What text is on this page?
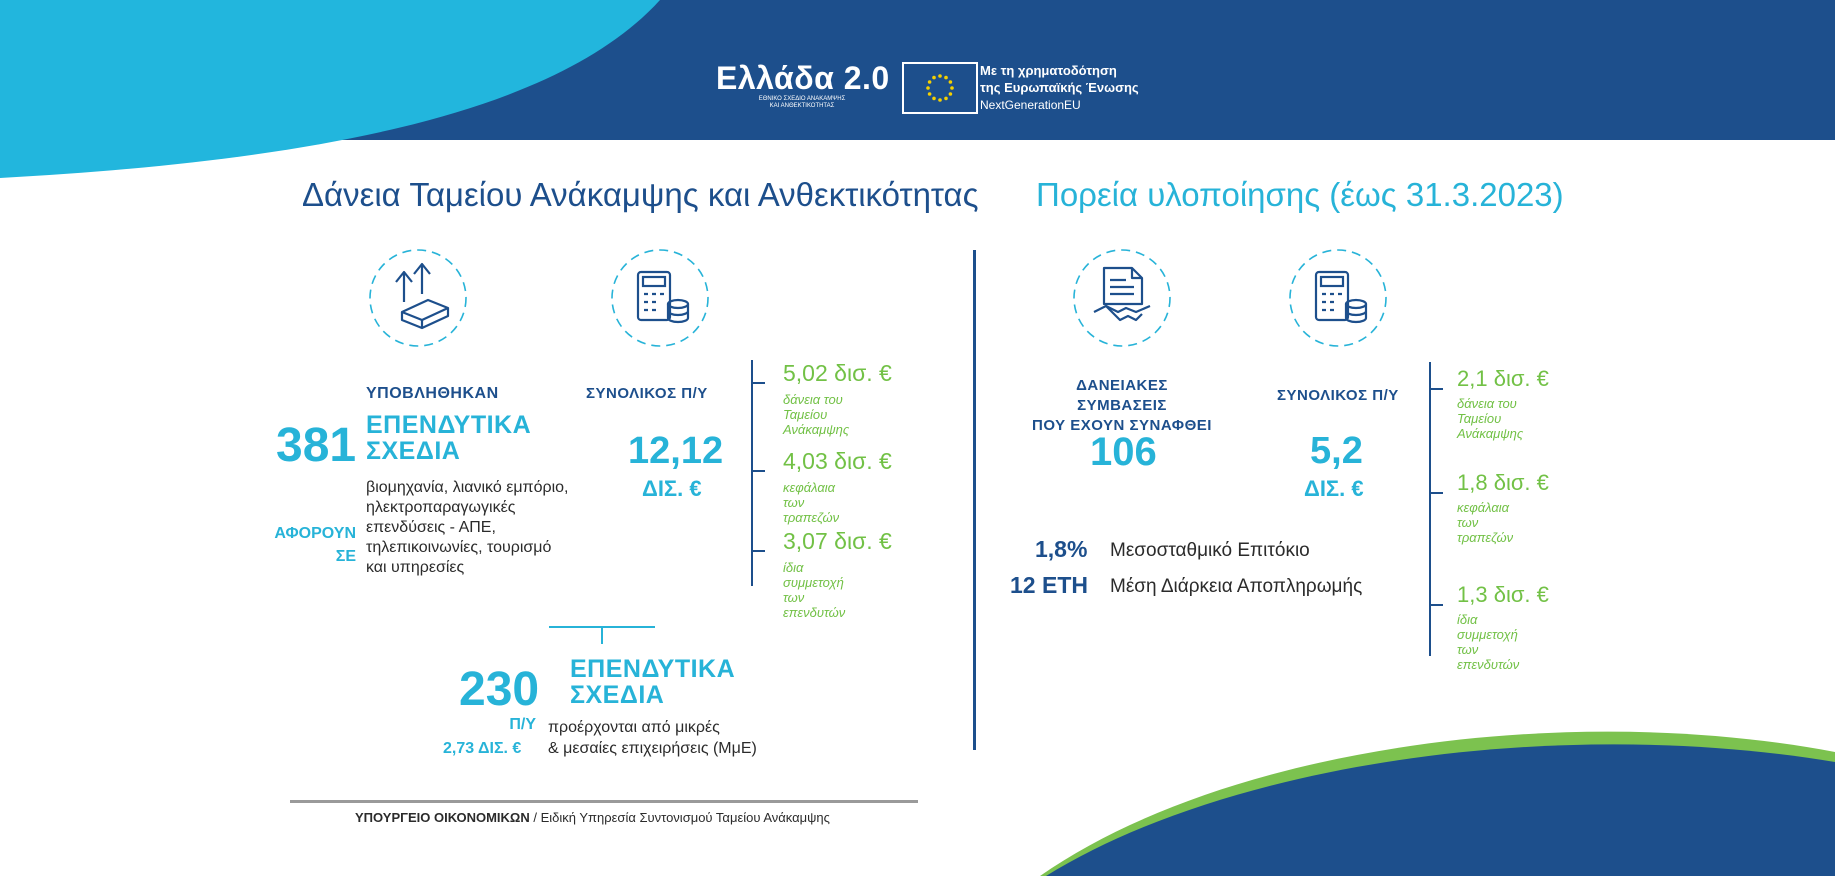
Ελλάδα 2.0
ΕΘΝΙΚΟ ΣΧΕΔΙΟ ΑΝΑΚΑΜΨΗΣ
ΚΑΙ ΑΝΘΕΚΤΙΚΟΤΗΤΑΣ
Με τη χρηματοδότηση
της Ευρωπαϊκής Ένωσης
NextGenerationEU
Δάνεια Ταμείου Ανάκαμψης και Ανθεκτικότητας Πορεία υλοποίησης (έως 31.3.2023)
ΥΠΟΒΛΗΘΗΚΑΝ
381 ΕΠΕΝΔΥΤΙΚΑ
ΣΧΕΔΙΑ
ΑΦΟΡΟΥΝ
ΣΕ
βιομηχανία, λιανικό εμπόριο,
ηλεκτροπαραγωγικές
επενδύσεις - ΑΠΕ,
τηλεπικοινωνίες, τουρισμό
και υπηρεσίες
ΣΥΝΟΛΙΚΟΣ Π/Υ
12,12
ΔΙΣ. €
5,02 δισ. €
δάνεια του
Ταμείου Ανάκαμψης
4,03 δισ. €
κεφάλαια
των τραπεζών
3,07 δισ. €
ίδια συμμετοχή
των επενδυτών
230 ΕΠΕΝΔΥΤΙΚΑ
ΣΧΕΔΙΑ
Π/Υ
2,73 ΔΙΣ. €
προέρχονται από μικρές
& μεσαίες επιχειρήσεις (ΜμΕ)
ΥΠΟΥΡΓΕΙΟ ΟΙΚΟΝΟΜΙΚΩΝ / Ειδική Υπηρεσία Συντονισμού Ταμείου Ανάκαμψης
ΔΑΝΕΙΑΚΕΣ ΣΥΜΒΑΣΕΙΣ
ΠΟΥ ΕΧΟΥΝ ΣΥΝΑΦΘΕΙ
106
ΣΥΝΟΛΙΚΟΣ Π/Υ
5,2
ΔΙΣ. €
1,8% Μεσοσταθμικό Επιτόκιο
12 ΕΤΗ Μέση Διάρκεια Αποπληρωμής
2,1 δισ. €
δάνεια του
Ταμείου Ανάκαμψης
1,8 δισ. €
κεφάλαια των
τραπεζών
1,3 δισ. €
ίδια συμμετοχή
των επενδυτών
